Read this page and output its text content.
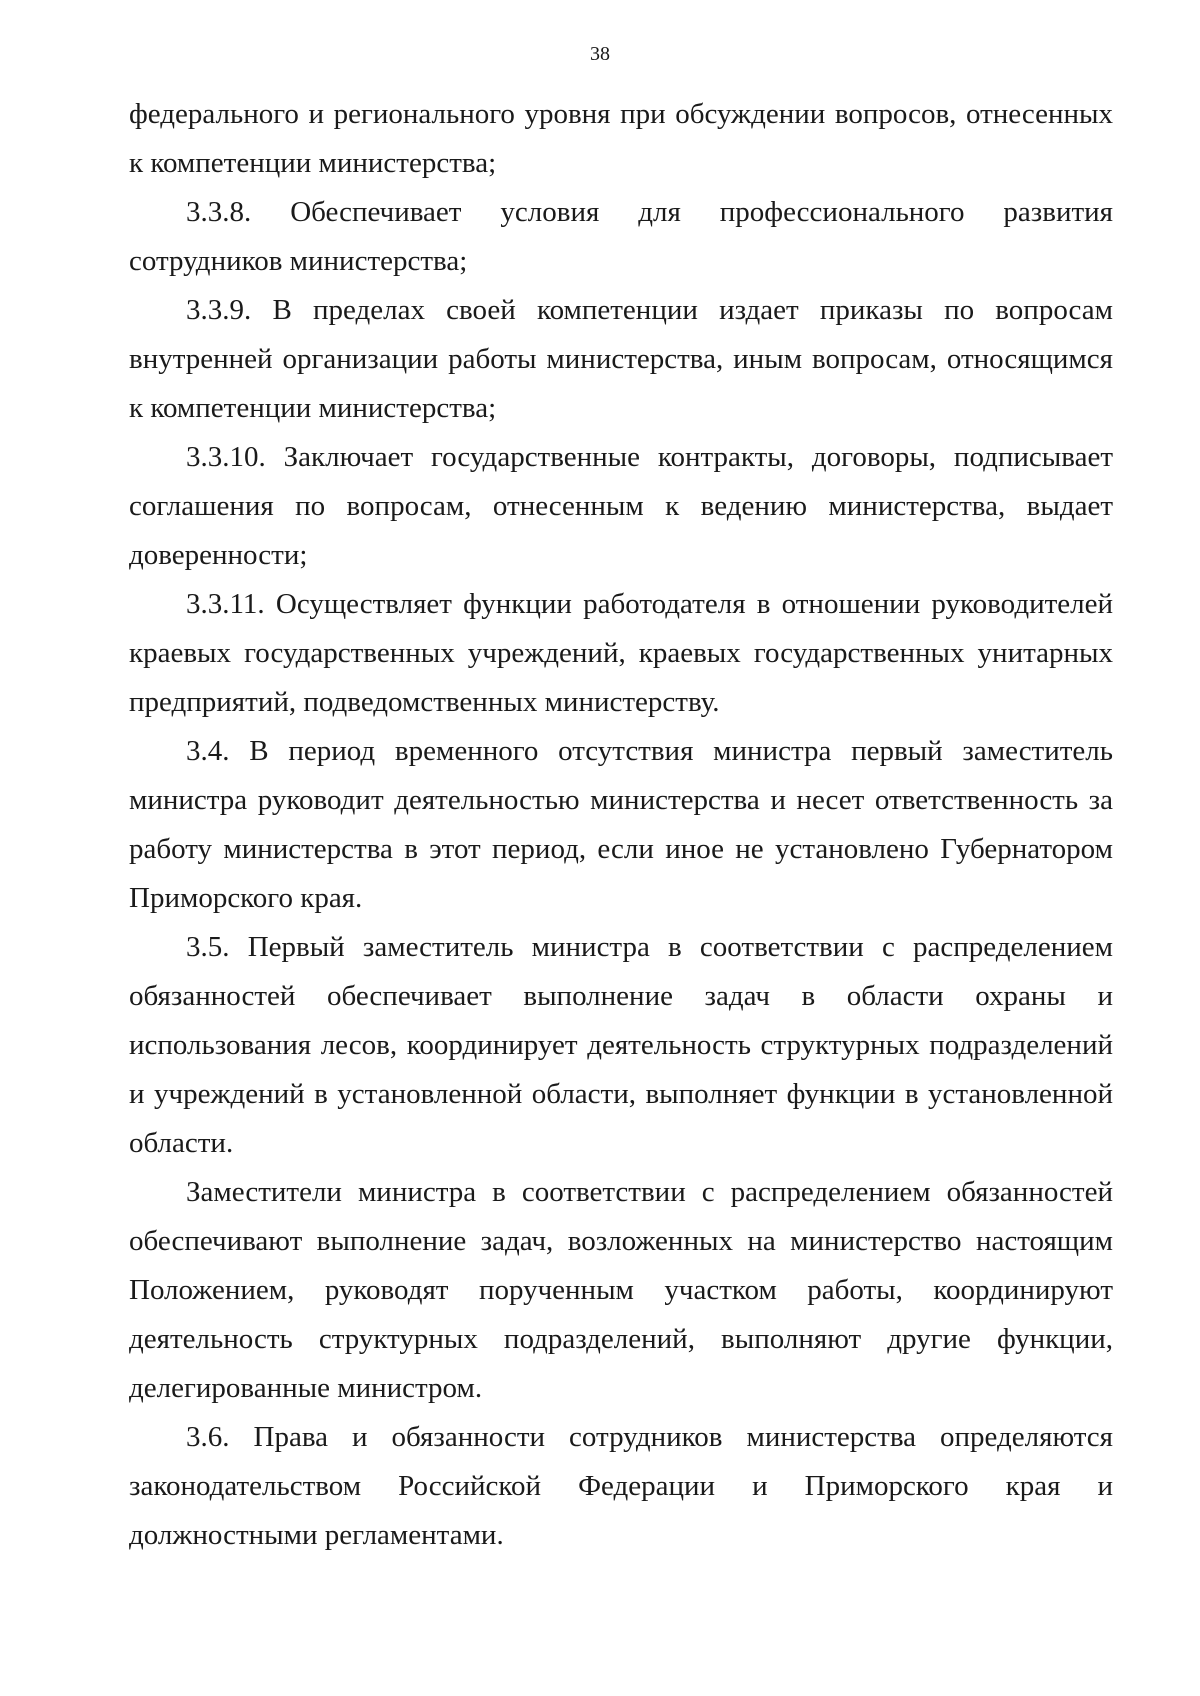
38

федерального и регионального уровня при обсуждении вопросов, отнесенных к компетенции министерства;

3.3.8. Обеспечивает условия для профессионального развития сотрудников министерства;

3.3.9. В пределах своей компетенции издает приказы по вопросам внутренней организации работы министерства, иным вопросам, относящимся к компетенции министерства;

3.3.10. Заключает государственные контракты, договоры, подписывает соглашения по вопросам, отнесенным к ведению министерства, выдает доверенности;

3.3.11. Осуществляет функции работодателя в отношении руководителей краевых государственных учреждений, краевых государственных унитарных предприятий, подведомственных министерству.

3.4. В период временного отсутствия министра первый заместитель министра руководит деятельностью министерства и несет ответственность за работу министерства в этот период, если иное не установлено Губернатором Приморского края.

3.5. Первый заместитель министра в соответствии с распределением обязанностей обеспечивает выполнение задач в области охраны и использования лесов, координирует деятельность структурных подразделений и учреждений в установленной области, выполняет функции в установленной области.

Заместители министра в соответствии с распределением обязанностей обеспечивают выполнение задач, возложенных на министерство настоящим Положением, руководят порученным участком работы, координируют деятельность структурных подразделений, выполняют другие функции, делегированные министром.

3.6. Права и обязанности сотрудников министерства определяются законодательством Российской Федерации и Приморского края и должностными регламентами.
